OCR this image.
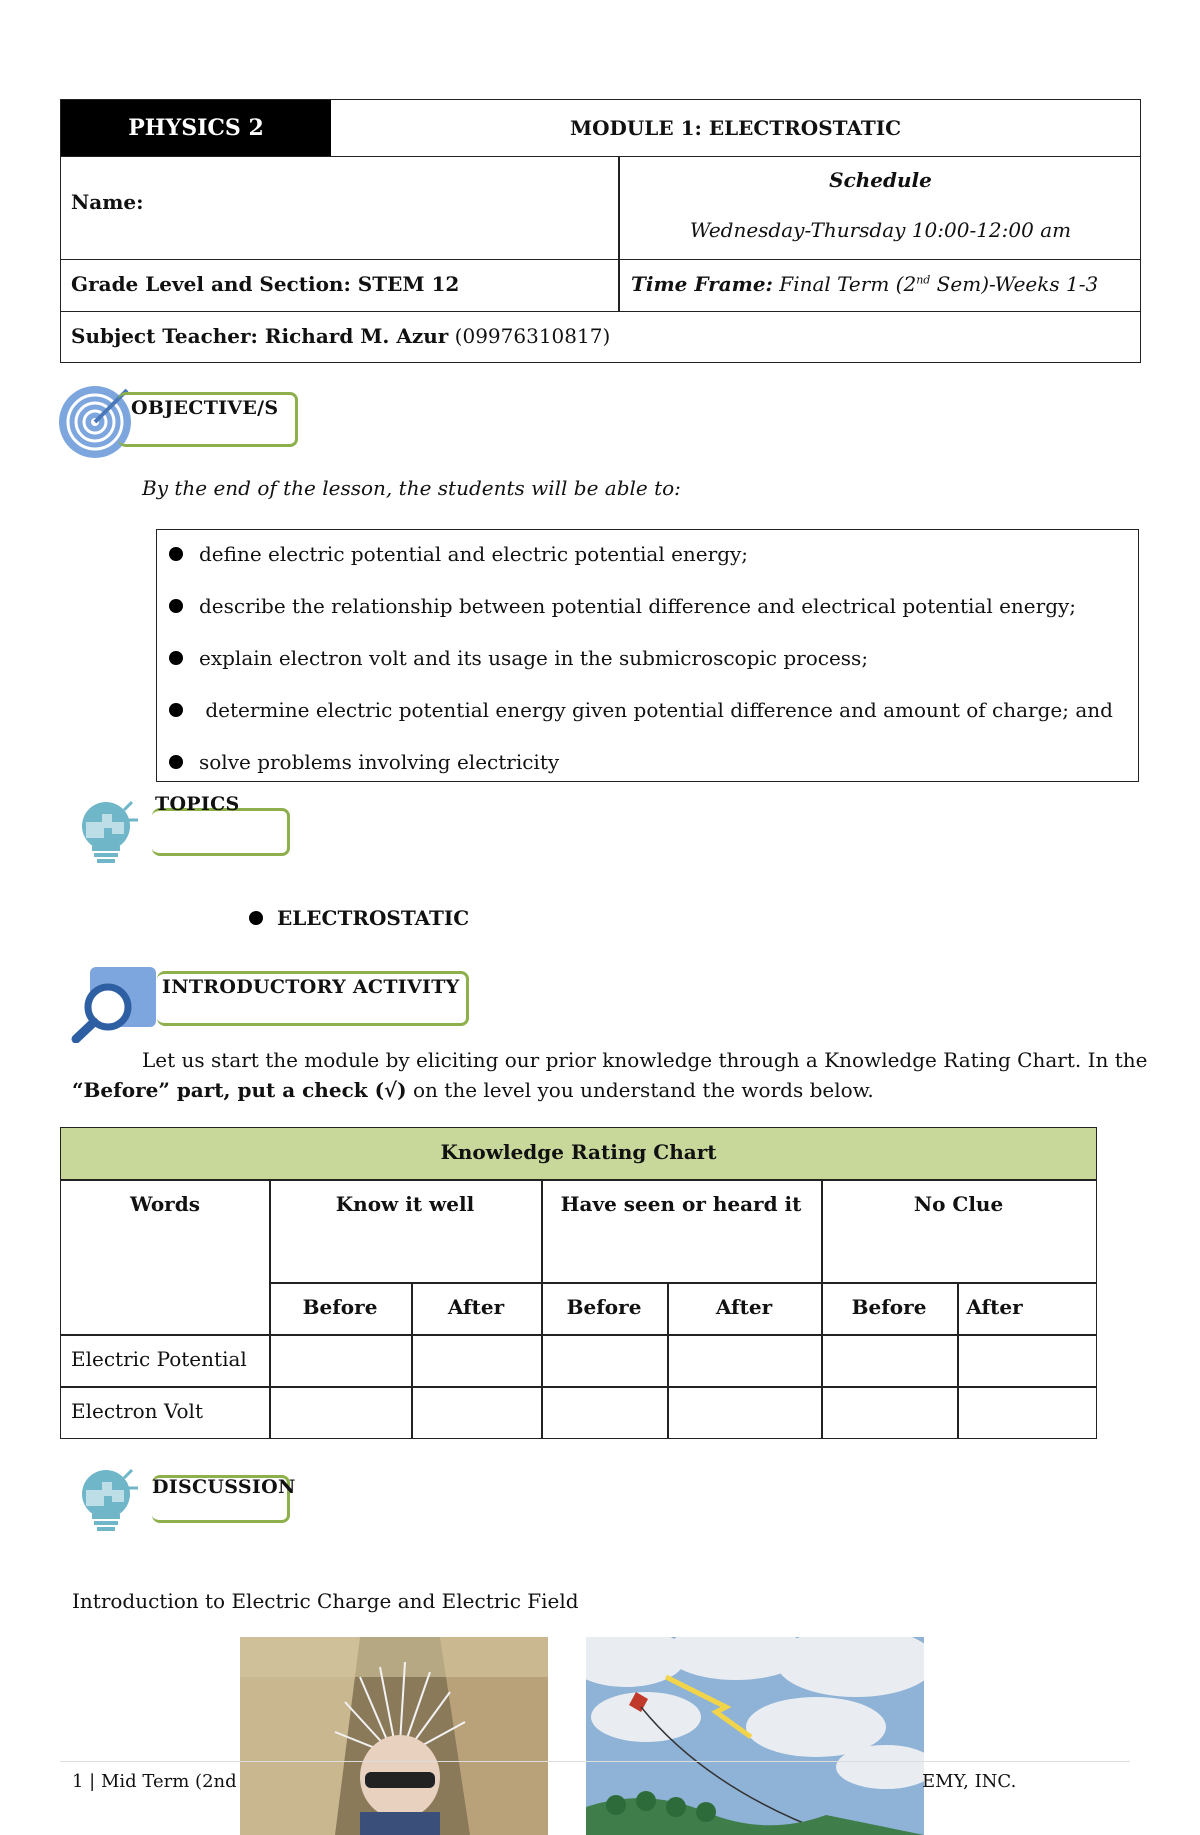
PHYSICS 2	MODULE 1: ELECTROSTATIC
Name:
Schedule
Wednesday-Thursday 10:00-12:00 am
Grade Level and Section: STEM 12	Time Frame: Final Term (2nd Sem)-Weeks 1-3
Subject Teacher: Richard M. Azur (09976310817)
OBJECTIVE/S
By the end of the lesson, the students will be able to:
define electric potential and electric potential energy;
describe the relationship between potential difference and electrical potential energy;
explain electron volt and its usage in the submicroscopic process;
determine electric potential energy given potential difference and amount of charge; and
solve problems involving electricity
TOPICS
ELECTROSTATIC
INTRODUCTORY ACTIVITY
Let us start the module by eliciting our prior knowledge through a Knowledge Rating Chart. In the
“Before” part, put a check (√) on the level you understand the words below.
Knowledge Rating Chart
Words	Know it well	Have seen or heard it	No Clue
Before	After	Before	After	Before	After
Electric Potential
Electron Volt
DISCUSSION
Introduction to Electric Charge and Electric Field
1 | Mid Term (2nd	EMY, INC.
